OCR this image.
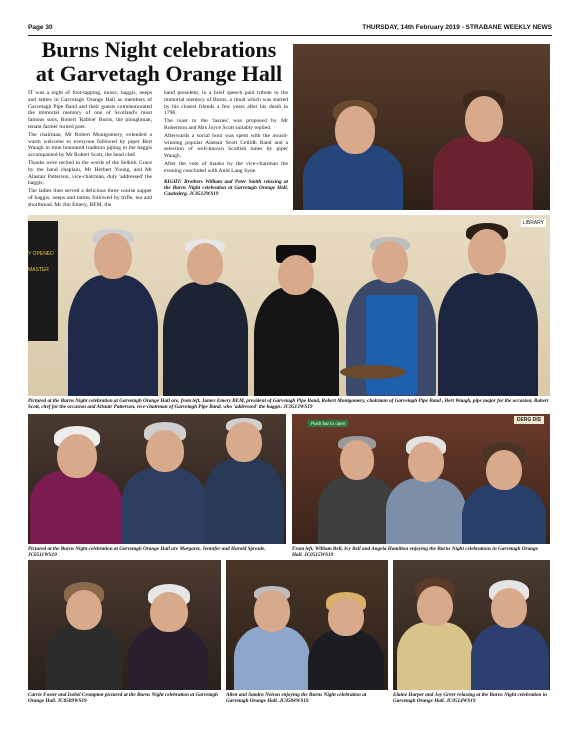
Page 30	THURSDAY, 14th February 2019 - STRABANE WEEKLY NEWS
Burns Night celebrations
at Garvetagh Orange Hall

IT was a night of foot-tapping, music, haggis, neeps and tatties in Garvetagh Orange Hall as members of Garvetagh Pipe Band and their guests commemorated the immortal memory of one of Scotland's most famous sons, Robert 'Rabbie' Burns, the ploughman, tenant farmer turned poet.

The chairman, Mr Robert Montgomery, extended a warm welcome to everyone followed by piper Bert Waugh in time honoured tradition piping in the haggis accompanied by Mr Robert Scott, the head chef.

Thanks were recited in the words of the Selkirk Grace by the band chaplain, Mr Herbert Young, and Mr Alastair Patterson, vice-chairman, duly 'addressed' the haggis.

The ladies then served a delicious three course supper of haggis, neeps and tatties followed by trifle, tea and shortbread. Mr Jim Emery, BEM, the

band president, in a brief speech paid tribute to the immortal memory of Burns, a ritual which was started by his closest friends a few years after his death in 1796.

The toast to the 'lassies' was proposed by Mr Robertson and Mrs Joyce Scott suitably replied.

Afterwards a social hour was spent with the award-winning popular Alastair Scott Ceilidh Band and a selection of well-known Scottish tunes by piper Waugh.

After the vote of thanks by the vice-chairman the evening concluded with Auld Lang Syne.

RIGHT: Brothers William and Peter Smith relaxing at the Burns Night celebration at Garvetagh Orange Hall, Castlederg. JC0512WS19

Y OPENED
MASTER
LIBRARY

Pictured at the Burns Night celebration at Garvetagh Orange Hall are, from left, James Emery BEM, president of Garvetagh Pipe Band, Robert Montgomery, chairman of Garvetagh Pipe Band , Bert Waugh, pipe major for the occasion, Robert Scott, chef for the occasion and Alistair Patterson, vice-chairman of Garvetagh Pipe Band, who 'addressed' the haggis. JC0513WS19

Pictured at the Burns Night celebration at Garvetagh Orange Hall are Margaret, Jennifer and Harold Sproule. JC0511WS19

Push bar to open
DERG DIS

From left, William Bell, Ivy Bell and Angela Hamilton enjoying the Burns Night celebrations in Garvetagh Orange Hall. JC0515WS19

Carrie Foster and Isobel Crompton pictured at the Burns Night celebration at Garvetagh Orange Hall. JC0509WS19

Allen and Sandra Nelson enjoying the Burns Night celebration at Garvetagh Orange Hall. JC0508WS19

Elaine Harper and Joy Greer relaxing at the Burns Night celebration in Garvetagh Orange Hall. JC0514WS19
